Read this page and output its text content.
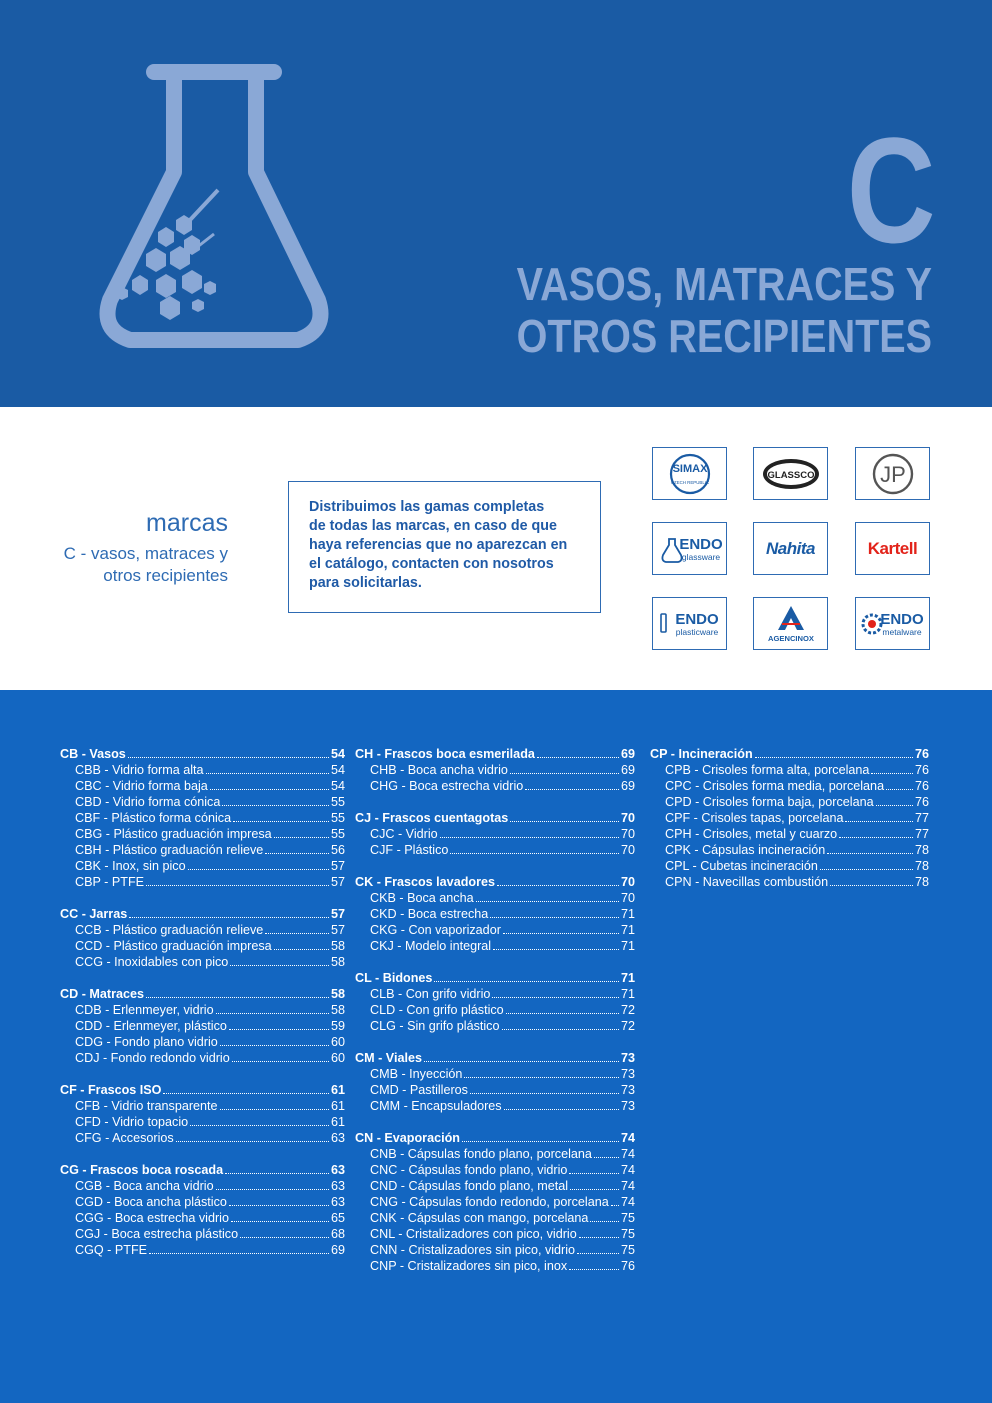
C
VASOS, MATRACES Y
OTROS RECIPIENTES
marcas
C - vasos, matraces y
otros recipientes
Distribuimos las gamas completas
de todas las marcas, en caso de que
haya referencias que no aparezcan en
el catálogo, contacten con nosotros
para solicitarlas.
SIMAX
CZECH REPUBLIC
GLASSCO	JP
ENDO
glassware	Nahita	Kartell
ENDO
plasticware
AGENCINOX
ENDO
metalware
CB - Vasos	54
CBB - Vidrio forma alta	54
CBC - Vidrio forma baja	54
CBD - Vidrio forma cónica	55
CBF - Plástico forma cónica	55
CBG - Plástico graduación impresa	55
CBH - Plástico graduación relieve	56
CBK - Inox, sin pico	57
CBP - PTFE	57
CC - Jarras	57
CCB - Plástico graduación relieve	57
CCD - Plástico graduación impresa	58
CCG - Inoxidables con pico	58
CD - Matraces	58
CDB - Erlenmeyer, vidrio	58
CDD - Erlenmeyer, plástico	59
CDG - Fondo plano vidrio	60
CDJ - Fondo redondo vidrio	60
CF - Frascos ISO	61
CFB - Vidrio transparente	61
CFD - Vidrio topacio	61
CFG - Accesorios	63
CG - Frascos boca roscada	63
CGB - Boca ancha vidrio	63
CGD - Boca ancha plástico	63
CGG - Boca estrecha vidrio	65
CGJ - Boca estrecha plástico	68
CGQ - PTFE	69
CH - Frascos boca esmerilada	69
CHB - Boca ancha vidrio	69
CHG - Boca estrecha vidrio	69
CJ - Frascos cuentagotas	70
CJC - Vidrio	70
CJF - Plástico	70
CK - Frascos lavadores	70
CKB - Boca ancha	70
CKD - Boca estrecha	71
CKG - Con vaporizador	71
CKJ - Modelo integral	71
CL - Bidones	71
CLB - Con grifo vidrio	71
CLD - Con grifo plástico	72
CLG - Sin grifo plástico	72
CM - Viales	73
CMB - Inyección	73
CMD - Pastilleros	73
CMM - Encapsuladores	73
CN - Evaporación	74
CNB - Cápsulas fondo plano, porcelana 74
CNC - Cápsulas fondo plano, vidrio	74
CND - Cápsulas fondo plano, metal	74
CNG - Cápsulas fondo redondo, porcelana 74
CNK - Cápsulas con mango, porcelana	75
CNL - Cristalizadores con pico, vidrio	75
CNN - Cristalizadores sin pico, vidrio	75
CNP - Cristalizadores sin pico, inox	76
CP - Incineración	76
CPB - Crisoles forma alta, porcelana	76
CPC - Crisoles forma media, porcelana 76
CPD - Crisoles forma baja, porcelana	76
CPF - Crisoles tapas, porcelana	77
CPH - Crisoles, metal y cuarzo	77
CPK - Cápsulas incineración	78
CPL - Cubetas incineración	78
CPN - Navecillas combustión	78
